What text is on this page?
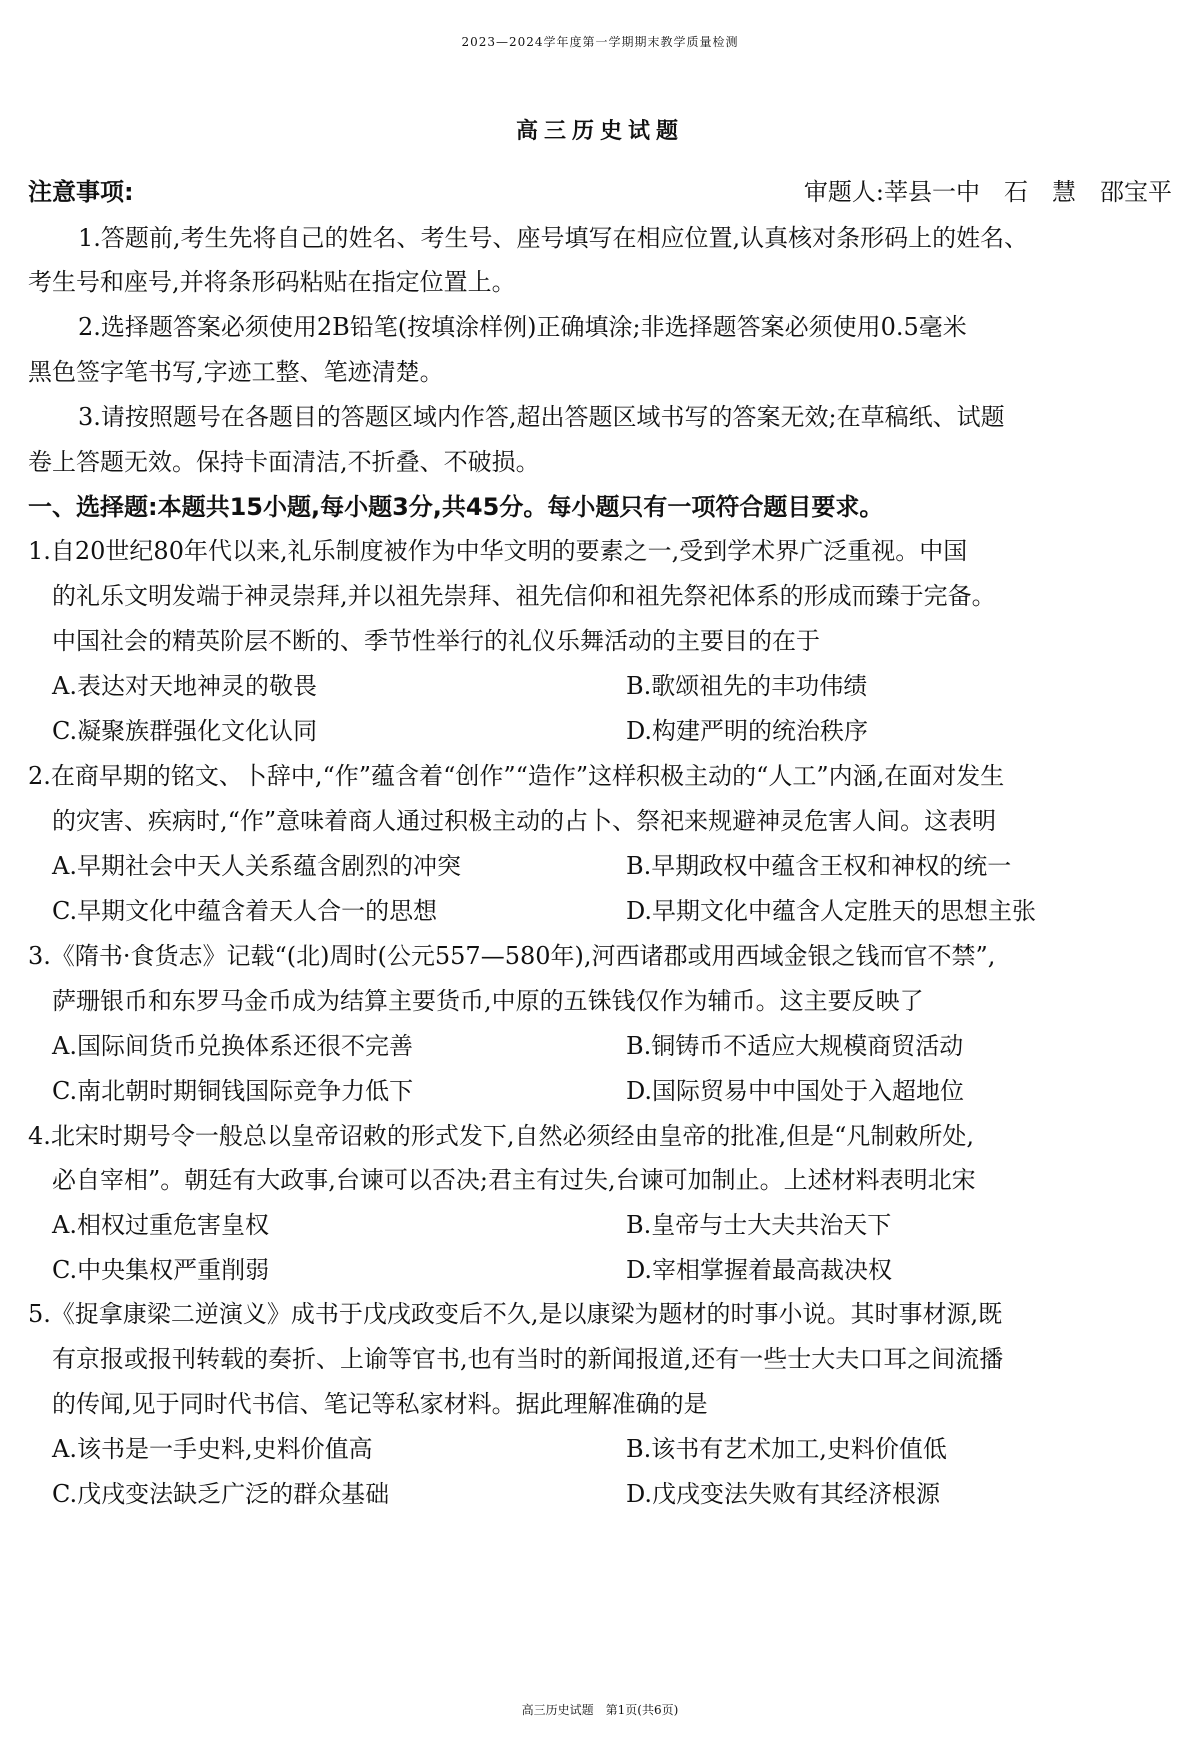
2023—2024学年度第一学期期末教学质量检测
高三历史试题
注意事项:	审题人:莘县一中　石　慧　邵宝平
1.答题前,考生先将自己的姓名、考生号、座号填写在相应位置,认真核对条形码上的姓名、
考生号和座号,并将条形码粘贴在指定位置上。
2.选择题答案必须使用2B铅笔(按填涂样例)正确填涂;非选择题答案必须使用0.5毫米
黑色签字笔书写,字迹工整、笔迹清楚。
3.请按照题号在各题目的答题区域内作答,超出答题区域书写的答案无效;在草稿纸、试题
卷上答题无效。保持卡面清洁,不折叠、不破损。
一、选择题:本题共15小题,每小题3分,共45分。每小题只有一项符合题目要求。
1.自20世纪80年代以来,礼乐制度被作为中华文明的要素之一,受到学术界广泛重视。中国
的礼乐文明发端于神灵崇拜,并以祖先崇拜、祖先信仰和祖先祭祀体系的形成而臻于完备。
中国社会的精英阶层不断的、季节性举行的礼仪乐舞活动的主要目的在于
A.表达对天地神灵的敬畏	B.歌颂祖先的丰功伟绩
C.凝聚族群强化文化认同	D.构建严明的统治秩序
2.在商早期的铭文、卜辞中,“作”蕴含着“创作”“造作”这样积极主动的“人工”内涵,在面对发生
的灾害、疾病时,“作”意味着商人通过积极主动的占卜、祭祀来规避神灵危害人间。这表明
A.早期社会中天人关系蕴含剧烈的冲突	B.早期政权中蕴含王权和神权的统一
C.早期文化中蕴含着天人合一的思想	D.早期文化中蕴含人定胜天的思想主张
3.《隋书·食货志》记载“(北)周时(公元557—580年),河西诸郡或用西域金银之钱而官不禁”,
萨珊银币和东罗马金币成为结算主要货币,中原的五铢钱仅作为辅币。这主要反映了
A.国际间货币兑换体系还很不完善	B.铜铸币不适应大规模商贸活动
C.南北朝时期铜钱国际竞争力低下	D.国际贸易中中国处于入超地位
4.北宋时期号令一般总以皇帝诏敕的形式发下,自然必须经由皇帝的批准,但是“凡制敕所处,
必自宰相”。朝廷有大政事,台谏可以否决;君主有过失,台谏可加制止。上述材料表明北宋
A.相权过重危害皇权	B.皇帝与士大夫共治天下
C.中央集权严重削弱	D.宰相掌握着最高裁决权
5.《捉拿康梁二逆演义》成书于戊戌政变后不久,是以康梁为题材的时事小说。其时事材源,既
有京报或报刊转载的奏折、上谕等官书,也有当时的新闻报道,还有一些士大夫口耳之间流播
的传闻,见于同时代书信、笔记等私家材料。据此理解准确的是
A.该书是一手史料,史料价值高	B.该书有艺术加工,史料价值低
C.戊戌变法缺乏广泛的群众基础	D.戊戌变法失败有其经济根源
高三历史试题　第1页(共6页)
